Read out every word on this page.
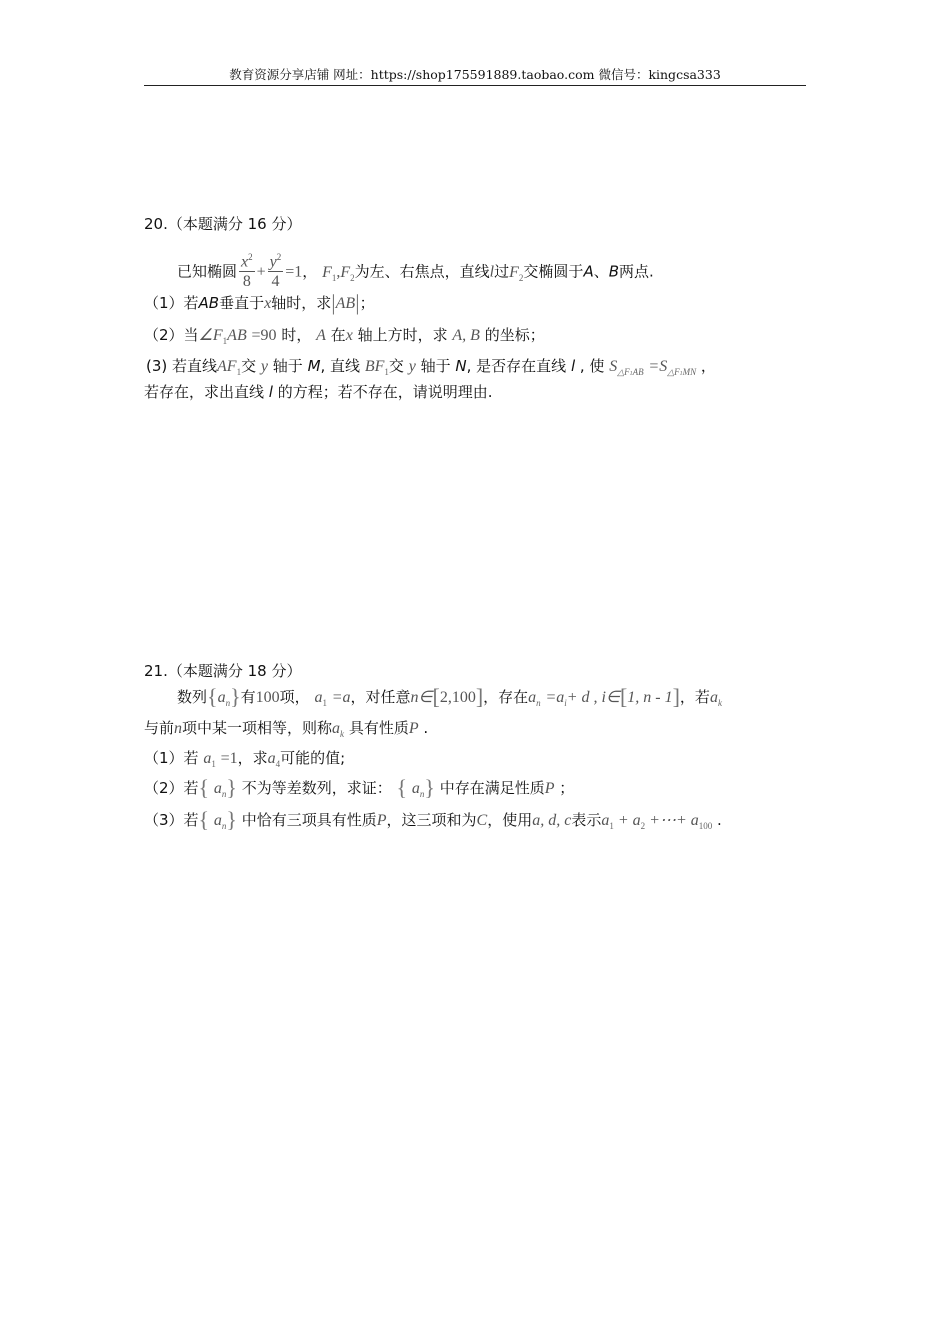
教育资源分享店铺 网址：https://shop175591889.taobao.com 微信号：kingcsa333
20.（本题满分 16 分）
已知椭圆 $\frac{x^2}{8} + \frac{y^2}{4} =1$， $F_1,F_2$为左、右焦点，直线l过$F_2$交椭圆于A、B两点.
（1）若AB垂直于x轴时，求|AB|；
（2）当$\angle F_1AB =90$ 时， A 在x 轴上方时，求 A, B 的坐标；
(3) 若直线$AF_1$交 y 轴于 M, 直线 $BF_1$交 y 轴于 N, 是否存在直线 l , 使 $S_{\triangle F1AB} =S_{\triangle F1MN}$ ，
若存在，求出直线 l 的方程；若不存在，请说明理由.
21.（本题满分 18 分）
数列$\{a_n\}$有100项， $a_1 =a$，对任意n∈[2,100]，存在$a_n =a_i+ d$ , i∈[1, n - 1]，若$a_k$
与前n项中某一项相等，则称$a_k$ 具有性质P .
（1）若 $a_1 =1$，求$a_4$可能的值;
（2）若{ $a_n$} 不为等差数列，求证： { $a_n$} 中存在满足性质P ；
（3）若{ $a_n$} 中恰有三项具有性质P，这三项和为C，使用a, d, c表示$a_1 + a_2$ +⋯+ $a_{100}$ .
